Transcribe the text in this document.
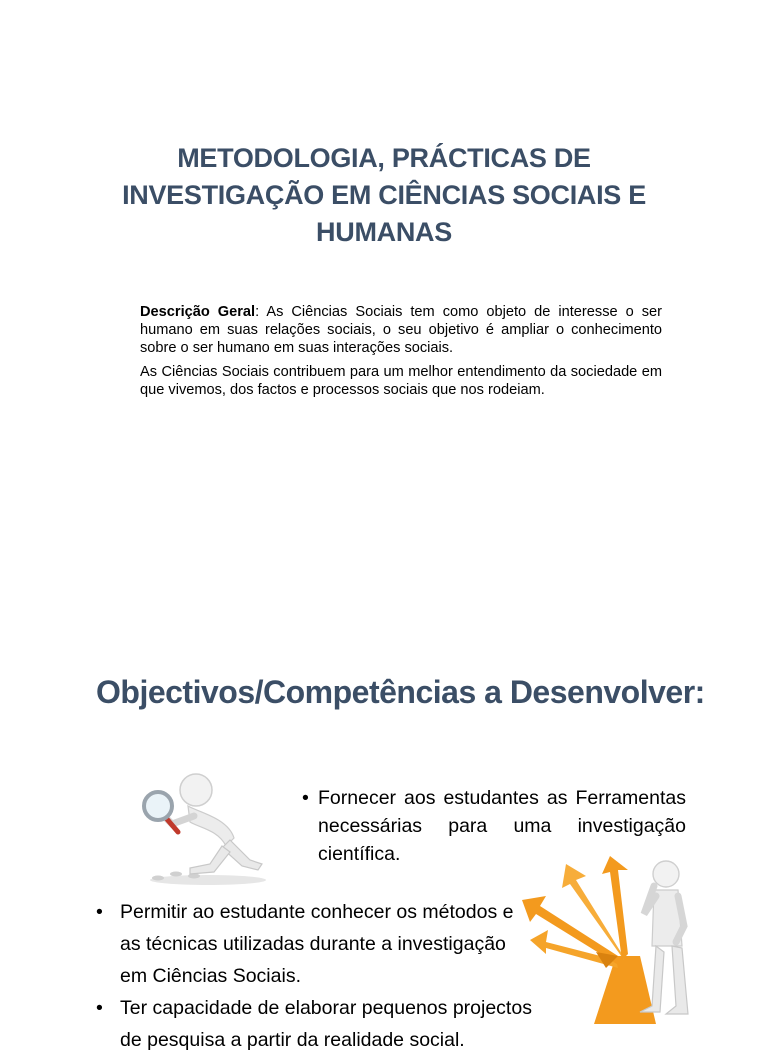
METODOLOGIA, PRÁCTICAS DE INVESTIGAÇÃO EM CIÊNCIAS SOCIAIS E HUMANAS

Descrição Geral: As Ciências Sociais tem como objeto de interesse o ser humano em suas relações sociais, o seu objetivo é ampliar o conhecimento sobre o ser humano em suas interações sociais.

As Ciências Sociais contribuem para um melhor entendimento da sociedade em que vivemos, dos factos e processos sociais que nos rodeiam.

Objectivos/Competências a Desenvolver:
• Fornecer aos estudantes as Ferramentas necessárias para uma investigação científica.
• Permitir ao estudante conhecer os métodos e as técnicas utilizadas durante a investigação em Ciências Sociais.
• Ter capacidade de elaborar pequenos projectos de pesquisa a partir da realidade social.
